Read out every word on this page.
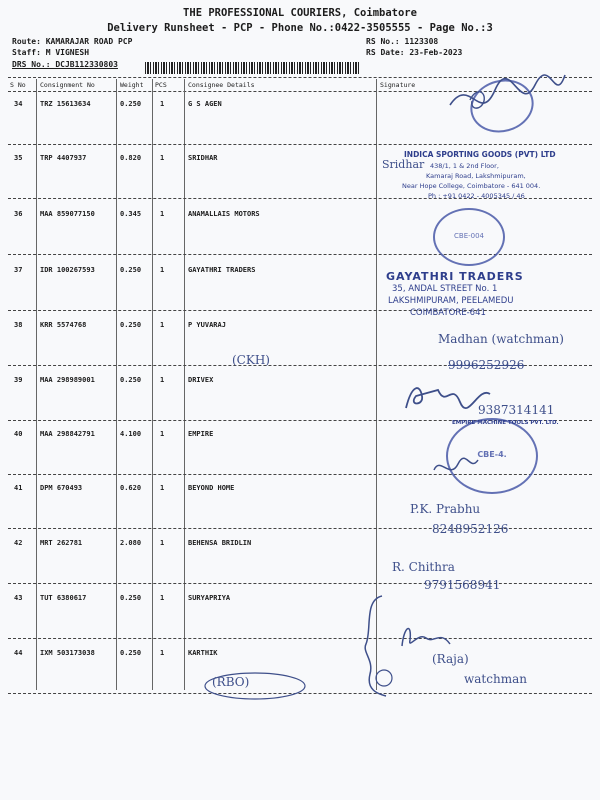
THE PROFESSIONAL COURIERS, Coimbatore
Delivery Runsheet - PCP - Phone No.:0422-3505555 - Page No.:3
Route: KAMARAJAR ROAD PCP
Staff: M VIGNESH
DRS No.: DCJB112330803
RS No.: 1123308
RS Date: 23-Feb-2023
S No Consignment No	Weight PCS	Consignee Details	Signature
34	TRZ 15613634	0.250	1	G S AGEN
35	TRP 4407937	0.820	1	SRIDHAR
36	MAA 859077150	0.345	1	ANAMALLAIS MOTORS
37	IDR 100267593	0.250	1	GAYATHRI TRADERS
38	KRR 5574768	0.250	1	P YUVARAJ
39	MAA 298989001	0.250	1	DRIVEX
40	MAA 298842791	4.100	1	EMPIRE
41	DPM 670493	0.620	1	BEYOND HOME
42	MRT 262781	2.080	1	BEHENSA BRIDLIN
43	TUT 6380617	0.250	1	SURYAPRIYA
44	IXM 503173038	0.250	1	KARTHIK
Sridhar
INDICA SPORTING GOODS (PVT) LTD
438/1, 1 & 2nd Floor,
Kamaraj Road, Lakshmipuram,
Near Hope College, Coimbatore - 641 004.
Ph : +91 0422 - 4005345 / 46
CBE-004
GAYATHRI TRADERS
35, ANDAL STREET No. 1
LAKSHMIPURAM, PEELAMEDU
COIMBATORE-641
Madhan (watchman)
9996252926
(CKH)
9387314141
CBE-4.
EMPIRE MACHINE TOOLS PVT. LTD.
P.K. Prabhu
8248952126
R. Chithra
9791568941
(Raja)
watchman
(RBO)
